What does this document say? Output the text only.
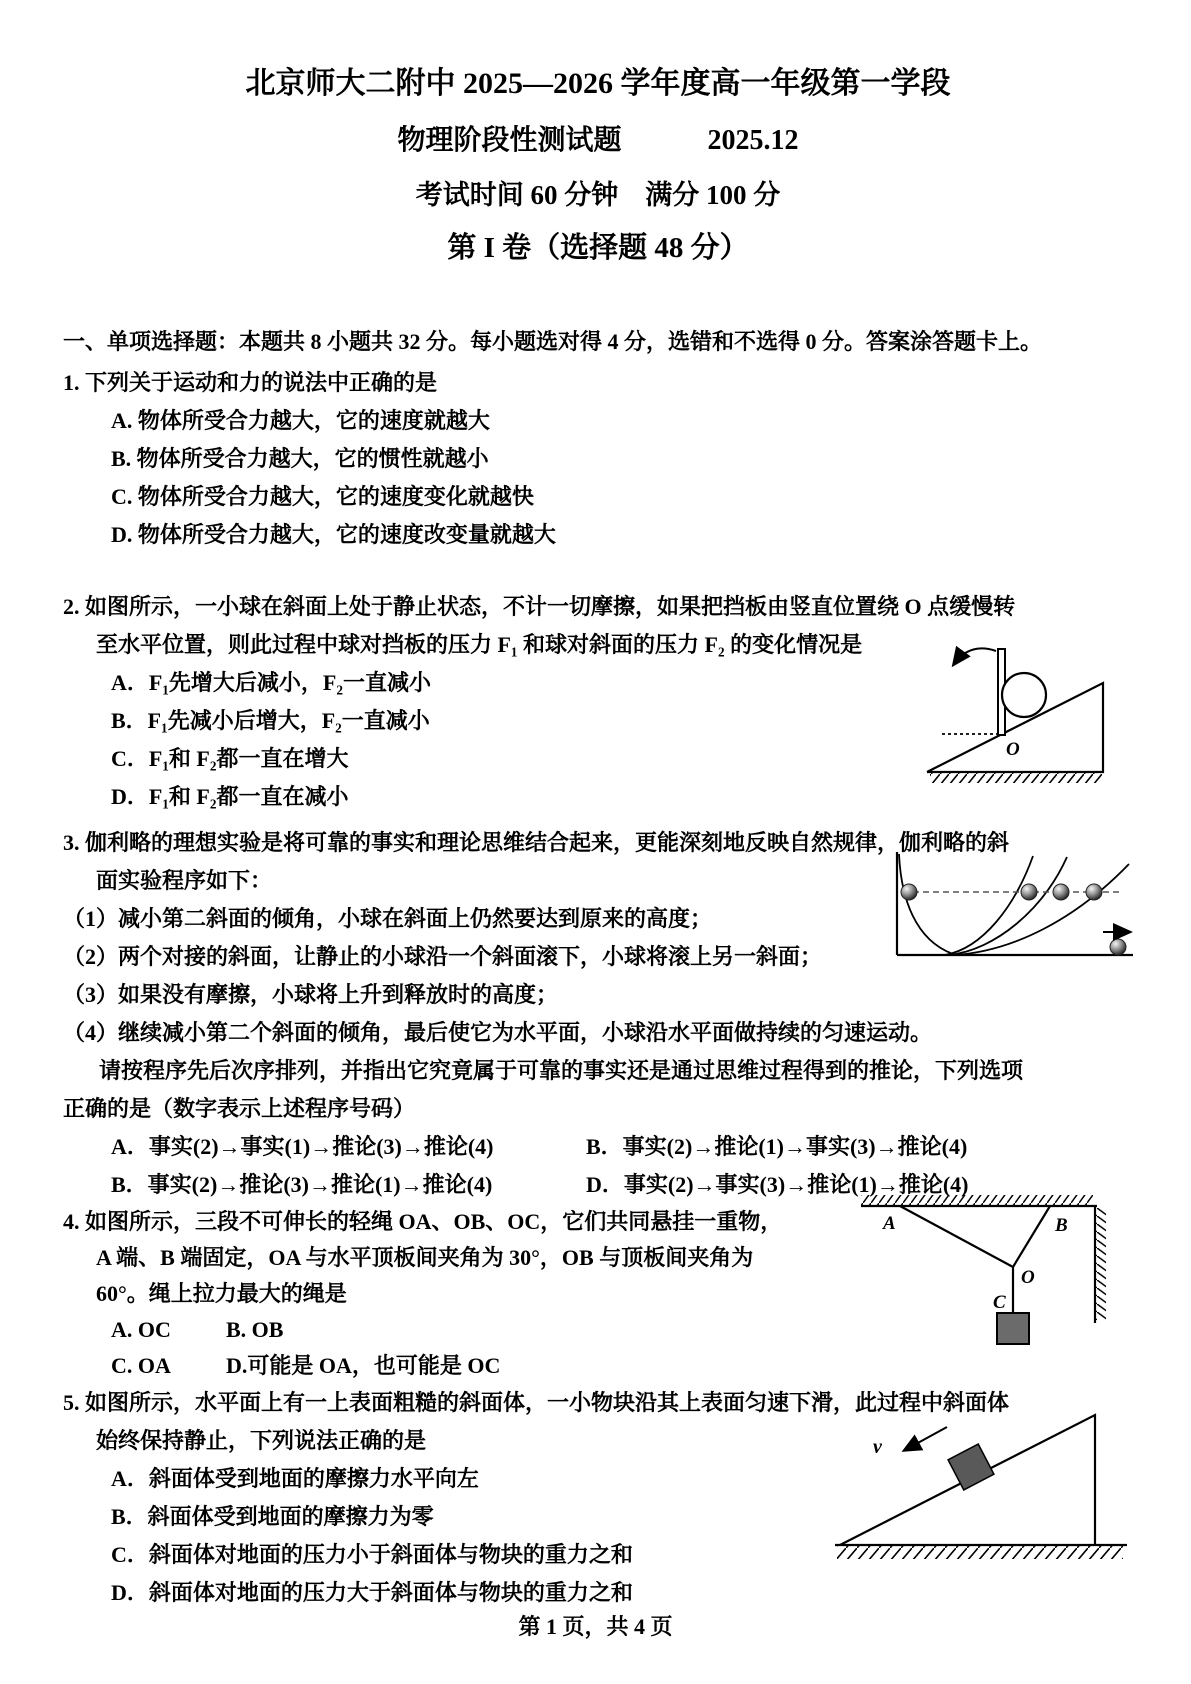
北京师大二附中 2025—2026 学年度高一年级第一学段
物理阶段性测试题	2025.12
考试时间 60 分钟　满分 100 分
第 I 卷（选择题 48 分）
一、单项选择题：本题共 8 小题共 32 分。每小题选对得 4 分，选错和不选得 0 分。答案涂答题卡上。
1. 下列关于运动和力的说法中正确的是
A. 物体所受合力越大，它的速度就越大
B. 物体所受合力越大，它的惯性就越小
C. 物体所受合力越大，它的速度变化就越快
D. 物体所受合力越大，它的速度改变量就越大
2. 如图所示，一小球在斜面上处于静止状态，不计一切摩擦，如果把挡板由竖直位置绕 O 点缓慢转
至水平位置，则此过程中球对挡板的压力 F₁ 和球对斜面的压力 F₂ 的变化情况是
A．F₁先增大后减小，F₂一直减小
B．F₁先减小后增大，F₂一直减小
C．F₁和 F₂都一直在增大
D．F₁和 F₂都一直在减小
3. 伽利略的理想实验是将可靠的事实和理论思维结合起来，更能深刻地反映自然规律，伽利略的斜
面实验程序如下：
（1）减小第二斜面的倾角，小球在斜面上仍然要达到原来的高度；
（2）两个对接的斜面，让静止的小球沿一个斜面滚下，小球将滚上另一斜面；
（3）如果没有摩擦，小球将上升到释放时的高度；
（4）继续减小第二个斜面的倾角，最后使它为水平面，小球沿水平面做持续的匀速运动。
请按程序先后次序排列，并指出它究竟属于可靠的事实还是通过思维过程得到的推论，下列选项
正确的是（数字表示上述程序号码）
A．事实(2)→事实(1)→推论(3)→推论(4)	B．事实(2)→推论(1)→事实(3)→推论(4)
B．事实(2)→推论(3)→推论(1)→推论(4)	D．事实(2)→事实(3)→推论(1)→推论(4)
4. 如图所示，三段不可伸长的轻绳 OA、OB、OC，它们共同悬挂一重物，
A 端、B 端固定，OA 与水平顶板间夹角为 30°，OB 与顶板间夹角为
60°。绳上拉力最大的绳是
A. OC	B. OB
C. OA	D.可能是 OA，也可能是 OC
5. 如图所示，水平面上有一上表面粗糙的斜面体，一小物块沿其上表面匀速下滑，此过程中斜面体
始终保持静止，下列说法正确的是
A．斜面体受到地面的摩擦力水平向左
B．斜面体受到地面的摩擦力为零
C．斜面体对地面的压力小于斜面体与物块的重力之和
D．斜面体对地面的压力大于斜面体与物块的重力之和
O
A	B
O
C
v
第 1 页，共 4 页
